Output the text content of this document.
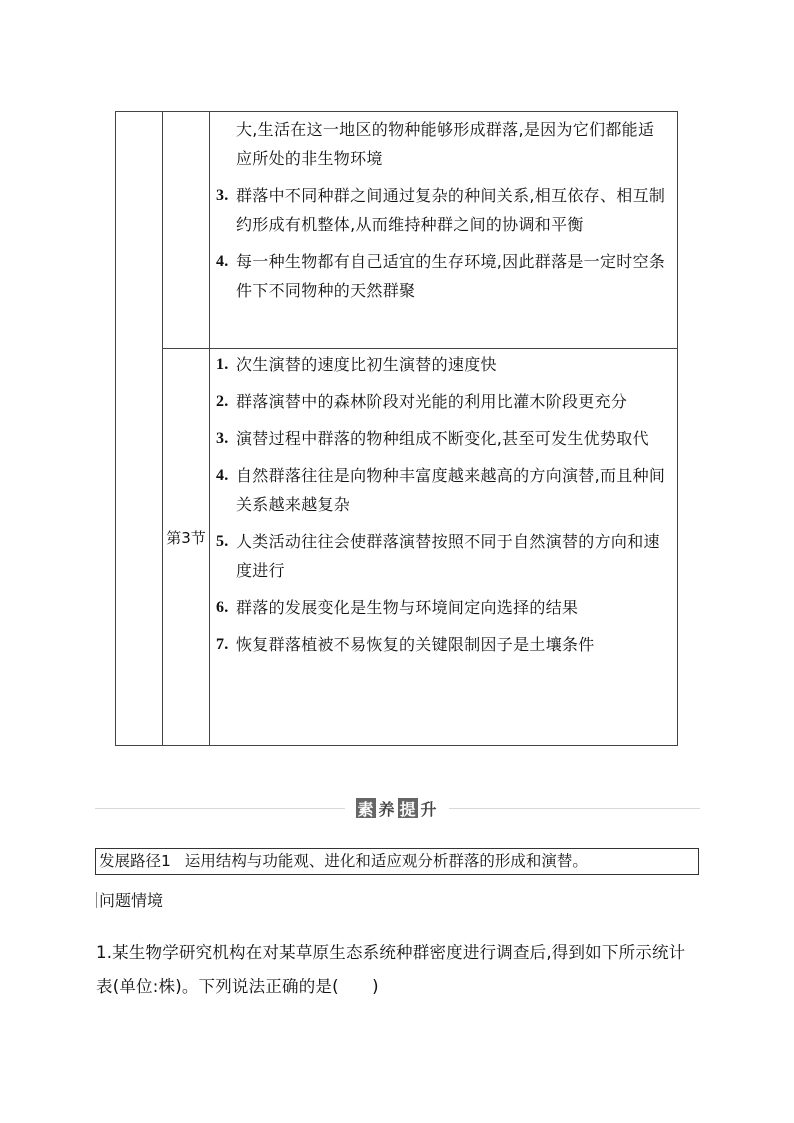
大,生活在这一地区的物种能够形成群落,是因为它们都能适应所处的非生物环境
3. 群落中不同种群之间通过复杂的种间关系,相互依存、相互制约形成有机整体,从而维持种群之间的协调和平衡
4. 每一种生物都有自己适宜的生存环境,因此群落是一定时空条件下不同物种的天然群聚
第3节
1. 次生演替的速度比初生演替的速度快
2. 群落演替中的森林阶段对光能的利用比灌木阶段更充分
3. 演替过程中群落的物种组成不断变化,甚至可发生优势取代
4. 自然群落往往是向物种丰富度越来越高的方向演替,而且种间关系越来越复杂
5. 人类活动往往会使群落演替按照不同于自然演替的方向和速度进行
6. 群落的发展变化是生物与环境间定向选择的结果
7. 恢复群落植被不易恢复的关键限制因子是土壤条件
素 养 提 升
发展路径1 运用结构与功能观、进化和适应观分析群落的形成和演替。
问题情境
1.某生物学研究机构在对某草原生态系统种群密度进行调查后,得到如下所示统计表(单位:株)。下列说法正确的是(　　)
